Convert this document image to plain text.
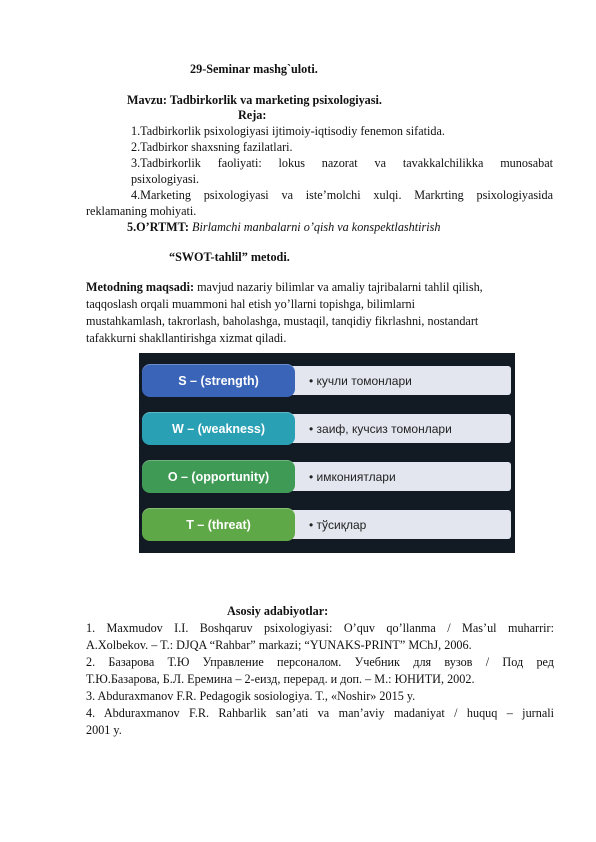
29-Seminar mashg`uloti.
Mavzu: Tadbirkorlik va marketing psixologiyasi.
Reja:
1.Tadbirkorlik psixologiyasi ijtimoiy-iqtisodiy fenemon sifatida.
2.Tadbirkor shaxsning fazilatlari.
3.Tadbirkorlik faoliyati: lokus nazorat va tavakkalchilikka munosabat
psixologiyasi.
4.Marketing psixologiyasi va iste’molchi xulqi. Markrting psixologiyasida
reklamaning mohiyati.
5.O’RTMT: Birlamchi manbalarni o’qish va konspektlashtirish
“SWOT-tahlil” metodi.
Metodning maqsadi: mavjud nazariy bilimlar va amaliy tajribalarni tahlil qilish,
taqqoslash orqali muammoni hal etish yo’llarni topishga, bilimlarni
mustahkamlash, takrorlash, baholashga, mustaqil, tanqidiy fikrlashni, nostandart
tafakkurni shakllantirishga xizmat qiladi.
• кучли томонлари
S – (strength)
• заиф, кучсиз томонлари
W – (weakness)
• имкониятлари
O – (opportunity)
• тўсиқлар
T – (threat)
Asosiy adabiyotlar:
1. Maxmudov I.I. Boshqaruv psixologiyasi: O’quv qo’llanma / Mas’ul muharrir:
A.Xolbekov. – T.: DJQA “Rahbar” markazi; “YUNAKS-PRINT” MChJ, 2006.
2. Базарова Т.Ю Управление персоналом. Учебник для вузов / Под ред
Т.Ю.Базарова, Б.Л. Еремина – 2-еизд, перерад. и доп. – М.: ЮНИТИ, 2002.
3. Abduraxmanov F.R. Pedagogik sosiologiya. T., «Noshir» 2015 y.
4. Abduraxmanov F.R. Rahbarlik san’ati va man’aviy madaniyat / huquq – jurnali
2001 y.
